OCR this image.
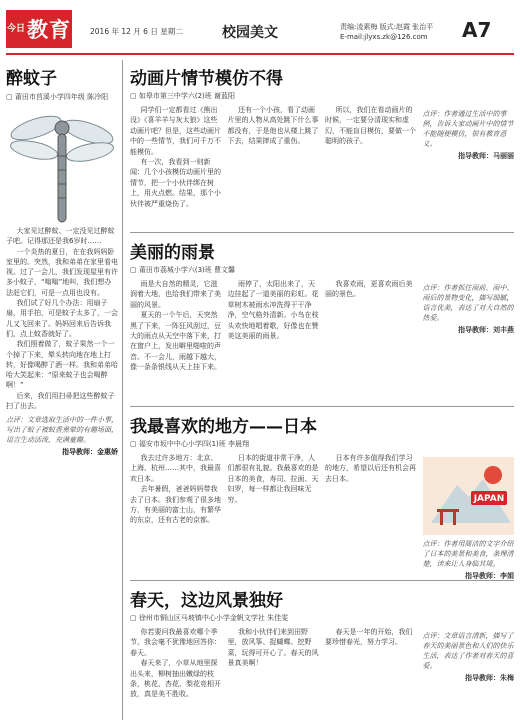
今日 教育	2016 年 12 月 6 日 星期二	校园美文	责编:凌素梅 版式:赵霞 张治平
E-mail:jlyxs.zk@126.com A7
醉蚊子
▢ 莆田市莒溪小学四年级 陈冷阳

大家见过醉蚊、一定没见过醉蚊子吧。记得那还是我6岁时……

一个炎热的夏日，在在我妈妈卧室里的。突然，我和弟弟在家里看电视。过了一会儿，我们发现屋里有许多小蚊子，“嗡嗡”地叫，我们想办法赶它们，可是一点用也没有。

我们试了好几个办法：用扇子扇，用手拍，可是蚊子太多了，一会儿又飞回来了。妈妈回来后告诉我们，点上蚊香就好了。

我们照着做了，蚊子果然一个一个掉了下来，晕头转向地在地上打转，好像喝醉了酒一样。我和弟弟哈哈大笑起来：“原来蚊子也会喝醉啊！”

后来，我们用扫帚把这些醉蚊子扫了出去。

点评：文章选取生活中的一件小事，写出了蚊子被蚊香熏晕的有趣场面，语言生动活泼，充满童趣。
指导教师：金惠娇
动画片情节模仿不得
▢ 如皋市第三中学六(2)班 谢蓝阳

同学们一定都看过《熊出没》《喜羊羊与灰太狼》这些动画片吧？但是，这些动画片中的一些情节，我们可千万不能模仿。

有一次，我看到一则新闻：几个小孩模仿动画片里的情节，把一个小伙伴绑在树上，用火点燃。结果，那个小伙伴被严重烧伤了。

还有一个小孩，看了动画片里的人物从高处跳下什么事都没有，于是他也从楼上跳了下去，结果摔成了重伤。

所以，我们在看动画片的时候，一定要分清现实和虚幻，不能盲目模仿，要做一个聪明的孩子。

点评：作者通过生活中的事例，告诉大家动画片中的情节不能随便模仿，很有教育意义。
指导教师：马丽丽
美丽的雨景
▢ 莆田市荔城小学六(3)班 曹文馨

雨是大自然的精灵，它滋润着大地，也给我们带来了美丽的风景。

夏天的一个午后，天突然黑了下来，一阵狂风刮过，豆大的雨点从天空中落下来，打在窗户上，发出噼里啪啦的声音。不一会儿，雨越下越大，像一条条银线从天上挂下来。

雨停了，太阳出来了，天边挂起了一道美丽的彩虹。花草树木被雨水冲洗得干干净净，空气格外清新。小鸟在枝头欢快地唱着歌，好像也在赞美这美丽的雨景。

我喜欢雨，更喜欢雨后美丽的景色。

点评：作者抓住雨前、雨中、雨后的景物变化，描写细腻，语言优美，表达了对大自然的热爱。
指导教师：刘丰燕
我最喜欢的地方——日本
▢ 福安市坂中中心小学四(1)班 李晨翔

我去过许多地方：北京、上海、杭州……其中，我最喜欢日本。

去年暑假，爸爸妈妈带我去了日本。我们参观了很多地方，有美丽的富士山，有繁华的东京，还有古老的京都。

日本的街道非常干净，人们都很有礼貌。我最喜欢的是日本的美食，寿司、拉面、天妇罗，每一样都让我回味无穷。

日本有许多值得我们学习的地方，希望以后还有机会再去日本。

JAPAN
点评：作者用简洁的文字介绍了日本的美景和美食，条理清楚，读来让人身临其境。
指导教师：李娟
春天，这边风景独好
▢ 徐州市铜山区马坡镇中心小学金帆文学社 朱佳雯

你若要问我最喜欢哪个季节，我会毫不犹豫地回答你：春天。

春天来了，小草从地里探出头来，柳树抽出嫩绿的枝条，桃花、杏花、梨花竞相开放，真是美不胜收。

我和小伙伴们来到田野里，放风筝、捉蝴蝶、挖野菜，玩得可开心了。春天的风景真美啊！

春天是一年的开始，我们要珍惜春光，努力学习。

点评：文章语言清新，描写了春天的美丽景色和人们的快乐生活，表达了作者对春天的喜爱。
指导教师：朱梅
